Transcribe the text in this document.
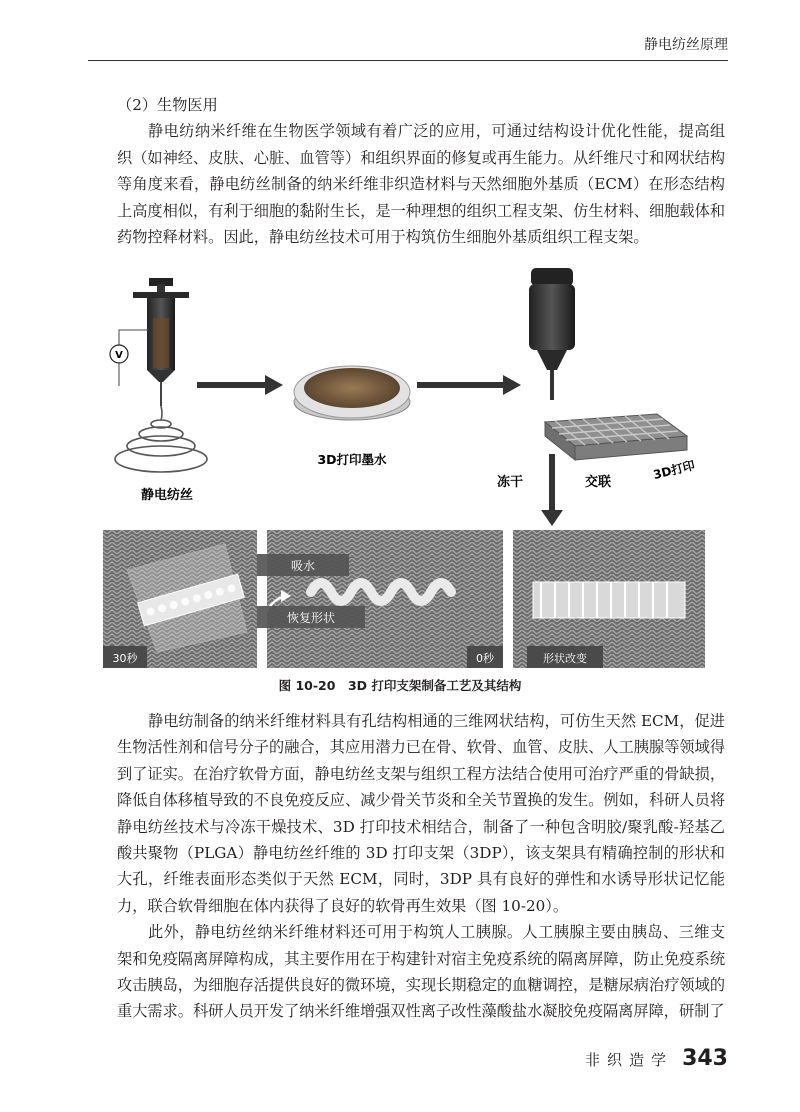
静电纺丝原理

（2）生物医用

静电纺纳米纤维在生物医学领域有着广泛的应用，可通过结构设计优化性能，提高组织（如神经、皮肤、心脏、血管等）和组织界面的修复或再生能力。从纤维尺寸和网状结构等角度来看，静电纺丝制备的纳米纤维非织造材料与天然细胞外基质（ECM）在形态结构上高度相似，有利于细胞的黏附生长，是一种理想的组织工程支架、仿生材料、细胞载体和药物控释材料。因此，静电纺丝技术可用于构筑仿生细胞外基质组织工程支架。

V
静电纺丝
3D打印墨水	3D打印
冻干	交联
吸水
恢复形状
30秒	0秒	形状改变
图 10-20　3D 打印支架制备工艺及其结构

静电纺制备的纳米纤维材料具有孔结构相通的三维网状结构，可仿生天然 ECM，促进生物活性剂和信号分子的融合，其应用潜力已在骨、软骨、血管、皮肤、人工胰腺等领域得到了证实。在治疗软骨方面，静电纺丝支架与组织工程方法结合使用可治疗严重的骨缺损，降低自体移植导致的不良免疫反应、减少骨关节炎和全关节置换的发生。例如，科研人员将静电纺丝技术与冷冻干燥技术、3D 打印技术相结合，制备了一种包含明胶/聚乳酸-羟基乙酸共聚物（PLGA）静电纺丝纤维的 3D 打印支架（3DP），该支架具有精确控制的形状和大孔，纤维表面形态类似于天然 ECM，同时，3DP 具有良好的弹性和水诱导形状记忆能力，联合软骨细胞在体内获得了良好的软骨再生效果（图 10-20）。

此外，静电纺丝纳米纤维材料还可用于构筑人工胰腺。人工胰腺主要由胰岛、三维支架和免疫隔离屏障构成，其主要作用在于构建针对宿主免疫系统的隔离屏障，防止免疫系统攻击胰岛，为细胞存活提供良好的微环境，实现长期稳定的血糖调控，是糖尿病治疗领域的重大需求。科研人员开发了纳米纤维增强双性离子改性藻酸盐水凝胶免疫隔离屏障，研制了

非织造学 343
